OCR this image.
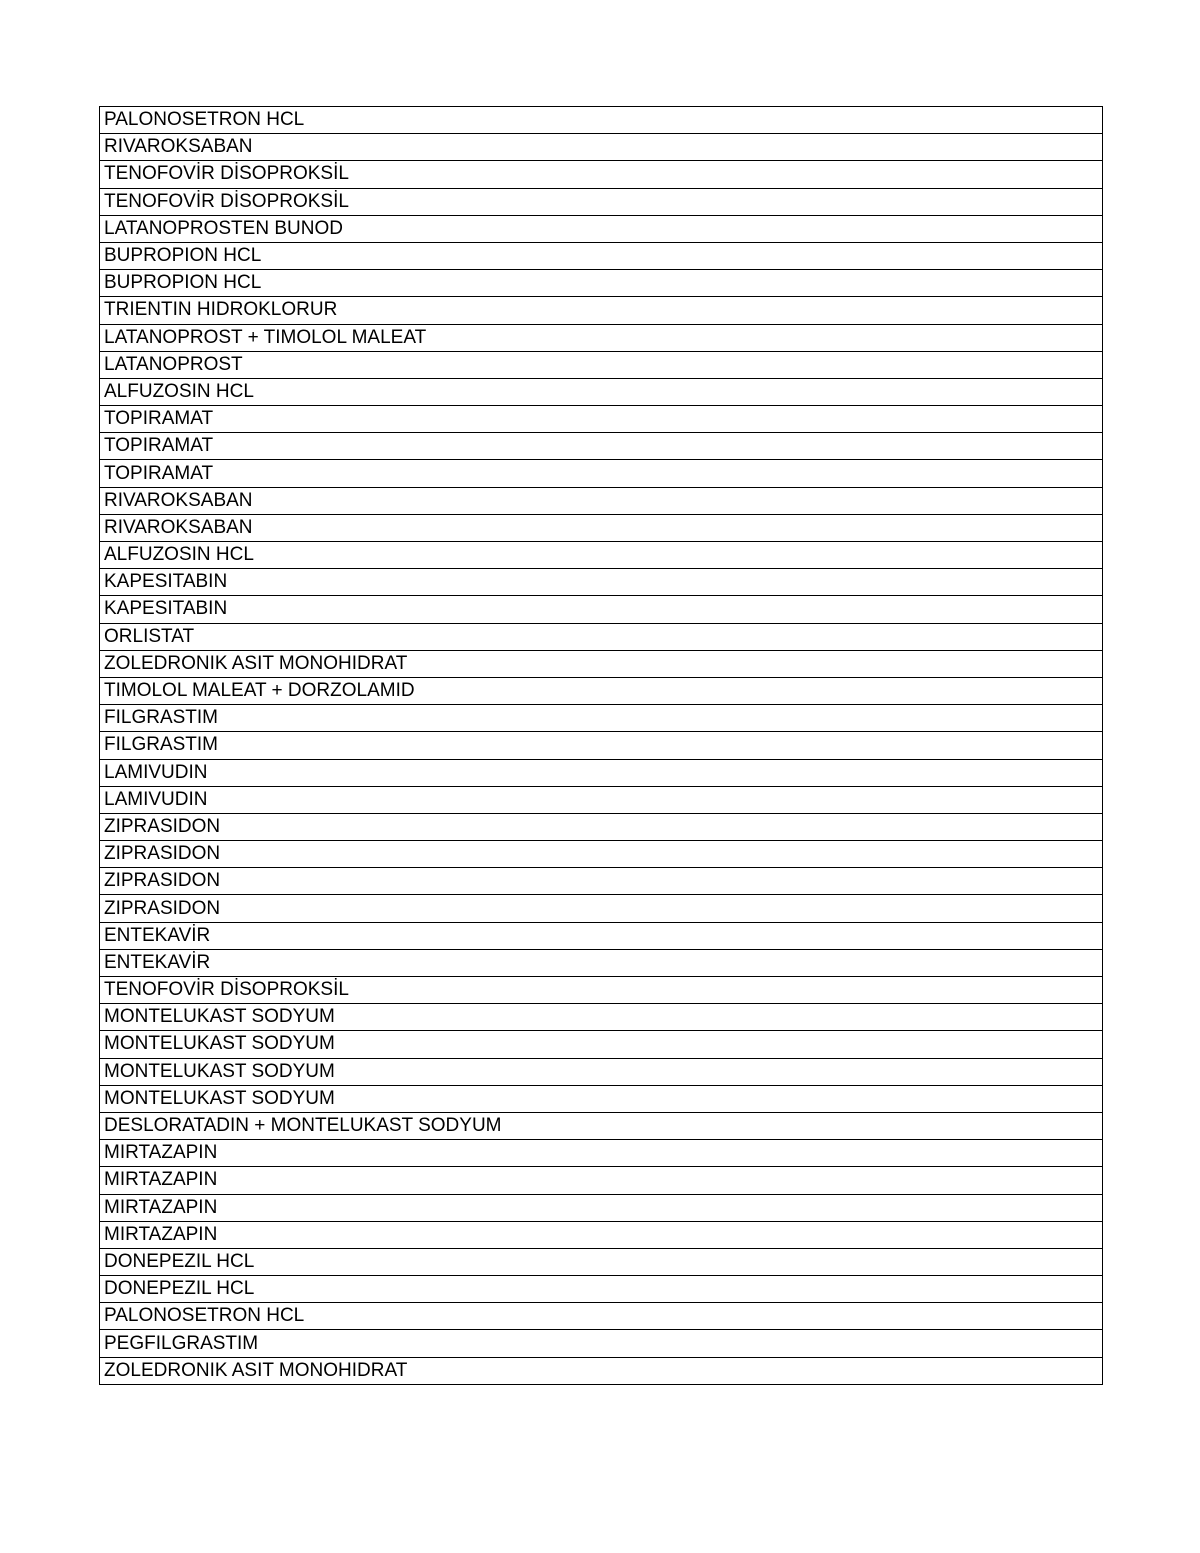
PALONOSETRON HCL
RIVAROKSABAN
TENOFOVİR DİSOPROKSİL
TENOFOVİR DİSOPROKSİL
LATANOPROSTEN BUNOD
BUPROPION HCL
BUPROPION HCL
TRIENTIN HIDROKLORUR
LATANOPROST + TIMOLOL MALEAT
LATANOPROST
ALFUZOSIN HCL
TOPIRAMAT
TOPIRAMAT
TOPIRAMAT
RIVAROKSABAN
RIVAROKSABAN
ALFUZOSIN HCL
KAPESITABIN
KAPESITABIN
ORLISTAT
ZOLEDRONIK ASIT MONOHIDRAT
TIMOLOL MALEAT + DORZOLAMID
FILGRASTIM
FILGRASTIM
LAMIVUDIN
LAMIVUDIN
ZIPRASIDON
ZIPRASIDON
ZIPRASIDON
ZIPRASIDON
ENTEKAVİR
ENTEKAVİR
TENOFOVİR DİSOPROKSİL
MONTELUKAST SODYUM
MONTELUKAST SODYUM
MONTELUKAST SODYUM
MONTELUKAST SODYUM
DESLORATADIN + MONTELUKAST SODYUM
MIRTAZAPIN
MIRTAZAPIN
MIRTAZAPIN
MIRTAZAPIN
DONEPEZIL HCL
DONEPEZIL HCL
PALONOSETRON HCL
PEGFILGRASTIM
ZOLEDRONIK ASIT MONOHIDRAT
